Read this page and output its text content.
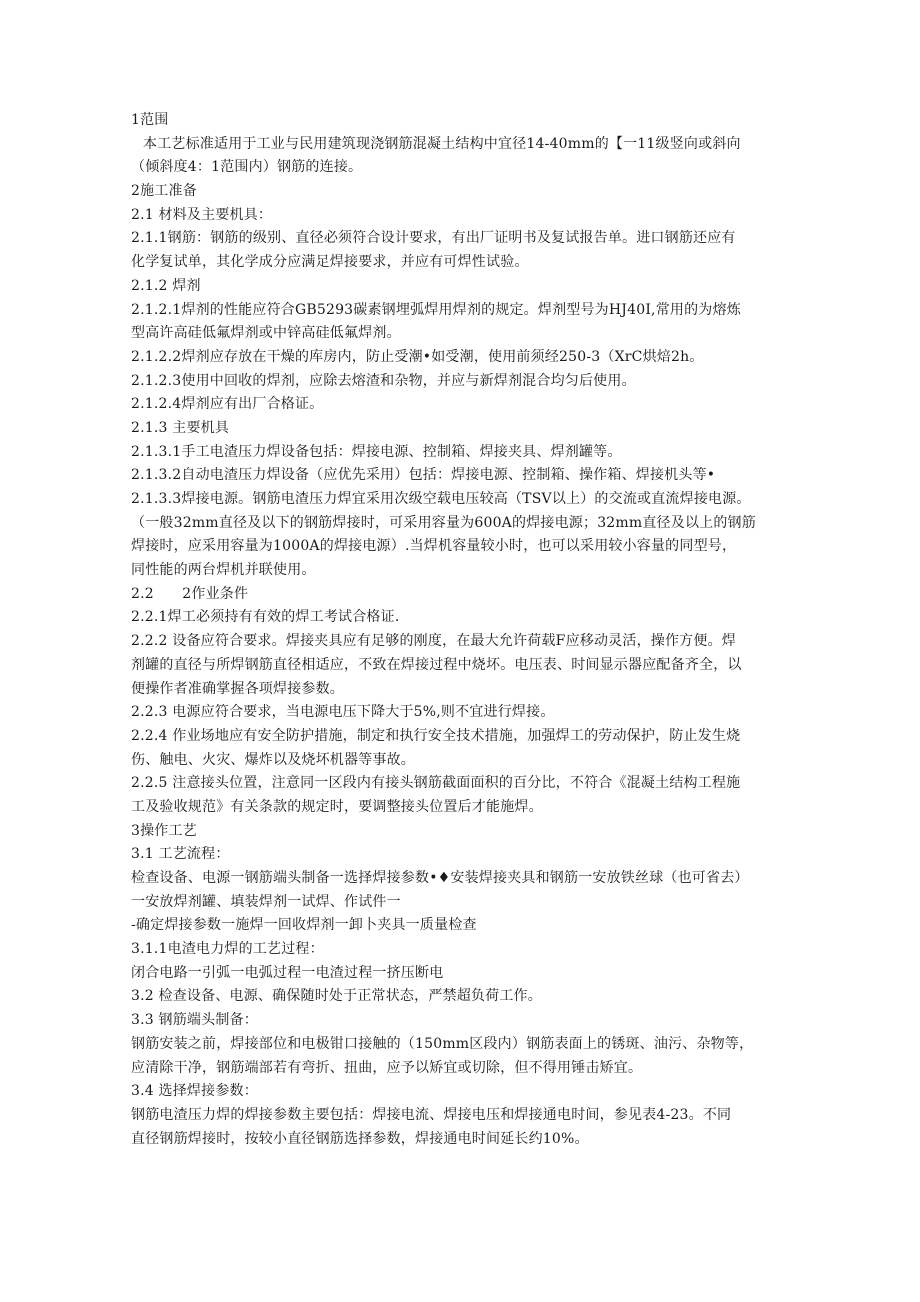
1范围
本工艺标准适用于工业与民用建筑现浇钢筋混凝土结构中宜径14-40mm的【一11级竖向或斜向
（倾斜度4：1范围内）钢筋的连接。
2施工准备
2.1 材料及主要机具：
2.1.1钢筋：钢筋的级别、直径必须符合设计要求，有出厂证明书及复试报告单。进口钢筋还应有
化学复试单，其化学成分应满足焊接要求，并应有可焊性试验。
2.1.2 焊剂
2.1.2.1焊剂的性能应符合GB5293碳素钢埋弧焊用焊剂的规定。焊剂型号为HJ40I,常用的为熔炼
型高许高硅低氟焊剂或中锌高硅低氟焊剂。
2.1.2.2焊剂应存放在干燥的库房内，防止受潮•如受潮，使用前须经250-3（XrC烘焙2h。
2.1.2.3使用中回收的焊剂，应除去熔渣和杂物，并应与新焊剂混合均匀后使用。
2.1.2.4焊剂应有出厂合格证。
2.1.3 主要机具
2.1.3.1手工电渣压力焊设备包括：焊接电源、控制箱、焊接夹具、焊剂罐等。
2.1.3.2自动电渣压力焊设备（应优先采用）包括：焊接电源、控制箱、操作箱、焊接机头等•
2.1.3.3焊接电源。钢筋电渣压力焊宜采用次级空载电压较高（TSV以上）的交流或直流焊接电源。
（一般32mm直径及以下的钢筋焊接时，可采用容量为600A的焊接电源；32mm直径及以上的钢筋
焊接时，应采用容量为1000A的焊接电源）.当焊机容量较小时，也可以采用较小容量的同型号，
同性能的两台焊机并联使用。
2.2　　2作业条件
2.2.1焊工必须持有有效的焊工考试合格证.
2.2.2 设备应符合要求。焊接夹具应有足够的刚度，在最大允许荷载F应移动灵活，操作方便。焊
剂罐的直径与所焊钢筋直径相适应，不致在焊接过程中烧坏。电压表、时间显示器应配备齐全，以
便操作者准确掌握各项焊接参数。
2.2.3 电源应符合要求，当电源电压下降大于5%,则不宜进行焊接。
2.2.4 作业场地应有安全防护措施，制定和执行安全技术措施，加强焊工的劳动保护，防止发生烧
伤、触电、火灾、爆炸以及烧坏机器等事故。
2.2.5 注意接头位置，注意同一区段内有接头钢筋截面面积的百分比，不符合《混凝土结构工程施
工及验收规范》有关条款的规定时，要调整接头位置后才能施焊。
3操作工艺
3.1 工艺流程：
检查设备、电源一钢筋端头制备一选择焊接参数•♦安装焊接夹具和钢筋一安放铁丝球（也可省去）
一安放焊剂罐、填装焊剂一试焊、作试件一
-确定焊接参数一施焊一回收焊剂一卸卜夹具一质量检查
3.1.1电渣电力焊的工艺过程：
闭合电路一引弧一电弧过程一电渣过程一挤压断电
3.2 检查设备、电源、确保随时处于正常状态，严禁超负荷工作。
3.3 钢筋端头制备：
钢筋安装之前，焊接部位和电极钳口接触的（150mm区段内）钢筋表面上的锈斑、油污、杂物等，
应清除干净，钢筋端部若有弯折、扭曲，应予以矫宜或切除，但不得用锤击矫宜。
3.4 选择焊接参数：
钢筋电渣压力焊的焊接参数主要包括：焊接电流、焊接电压和焊接通电时间，参见表4-23。不同
直径钢筋焊接时，按较小直径钢筋选择参数，焊接通电时间延长约10%。
